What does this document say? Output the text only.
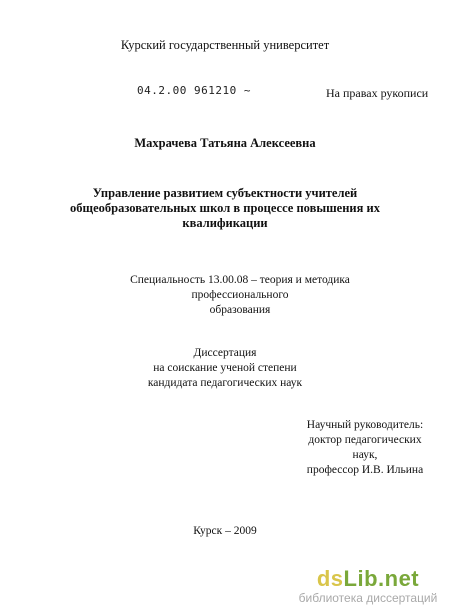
Курский государственный университет
04.2.00 961210 ~	На правах рукописи
Махрачева Татьяна Алексеевна
Управление развитием субъектности учителей
общеобразовательных школ в процессе повышения их
квалификации
Специальность 13.00.08 – теория и методика профессионального
образования
Диссертация
на соискание ученой степени
кандидата педагогических наук
Научный руководитель:
доктор педагогических наук,
профессор И.В. Ильина
Курск – 2009
dsLib.net
библиотека диссертаций
